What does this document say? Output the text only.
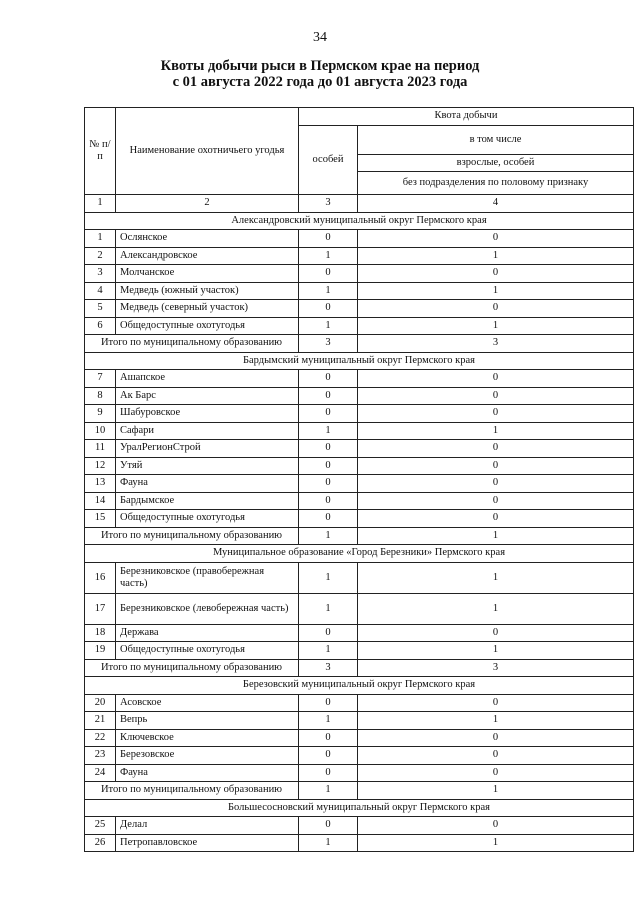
34
Квоты добычи рыси в Пермском крае на период
с 01 августа 2022 года до 01 августа 2023 года
№ п/п	Наименование охотничьего угодья	Квота добычи	
		особей	в том числе
			взрослые, особей
			без подразделения по половому признаку
1	2	3	4
Александровский муниципальный округ Пермского края			
1	Ослянское	0	0
2	Александровское	1	1
3	Молчанское	0	0
4	Медведь (южный участок)	1	1
5	Медведь (северный участок)	0	0
6	Общедоступные охотугодья	1	1
Итого по муниципальному образованию		3	3
Бардымский муниципальный округ Пермского края			
7	Ашапское	0	0
8	Ак Барс	0	0
9	Шабуровское	0	0
10	Сафари	1	1
11	УралРегионСтрой	0	0
12	Утяй	0	0
13	Фауна	0	0
14	Бардымское	0	0
15	Общедоступные охотугодья	0	0
Итого по муниципальному образованию		1	1
Муниципальное образование «Город Березники» Пермского края			
16	Березниковское (правобережная часть)	1	1
17	Березниковское (левобережная часть)	1	1
18	Держава	0	0
19	Общедоступные охотугодья	1	1
Итого по муниципальному образованию		3	3
Березовский муниципальный округ Пермского края			
20	Асовское	0	0
21	Вепрь	1	1
22	Ключевское	0	0
23	Березовское	0	0
24	Фауна	0	0
Итого по муниципальному образованию		1	1
Большесосновский муниципальный округ Пермского края			
25	Делал	0	0
26	Петропавловское	1	1
